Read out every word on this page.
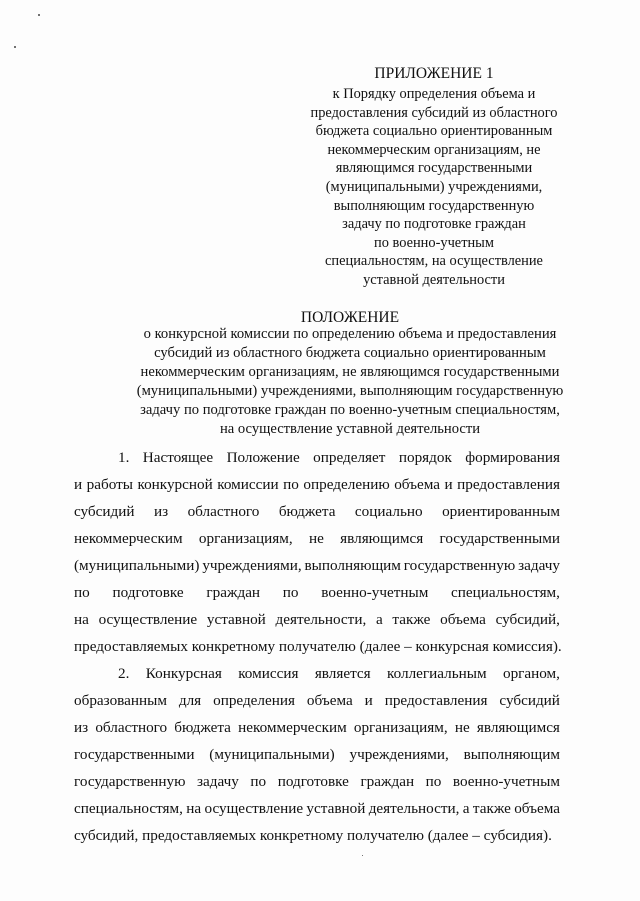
ПРИЛОЖЕНИЕ 1
к Порядку определения объема и
предоставления субсидий из областного
бюджета социально ориентированным
некоммерческим организациям, не
являющимся государственными
(муниципальными) учреждениями,
выполняющим государственную
задачу по подготовке граждан
по военно-учетным
специальностям, на осуществление
уставной деятельности
ПОЛОЖЕНИЕ
о конкурсной комиссии по определению объема и предоставления
субсидий из областного бюджета социально ориентированным
некоммерческим организациям, не являющимся государственными
(муниципальными) учреждениями, выполняющим государственную
задачу по подготовке граждан по военно-учетным специальностям,
на осуществление уставной деятельности
1. Настоящее Положение определяет порядок формирования
и работы конкурсной комиссии по определению объема и предоставления
субсидий из областного бюджета социально ориентированным
некоммерческим организациям, не являющимся государственными
(муниципальными) учреждениями, выполняющим государственную задачу
по подготовке граждан по военно-учетным специальностям,
на осуществление уставной деятельности, а также объема субсидий,
предоставляемых конкретному получателю (далее – конкурсная комиссия).
2. Конкурсная комиссия является коллегиальным органом,
образованным для определения объема и предоставления субсидий
из областного бюджета некоммерческим организациям, не являющимся
государственными (муниципальными) учреждениями, выполняющим
государственную задачу по подготовке граждан по военно-учетным
специальностям, на осуществление уставной деятельности, а также объема
субсидий, предоставляемых конкретному получателю (далее – субсидия).
